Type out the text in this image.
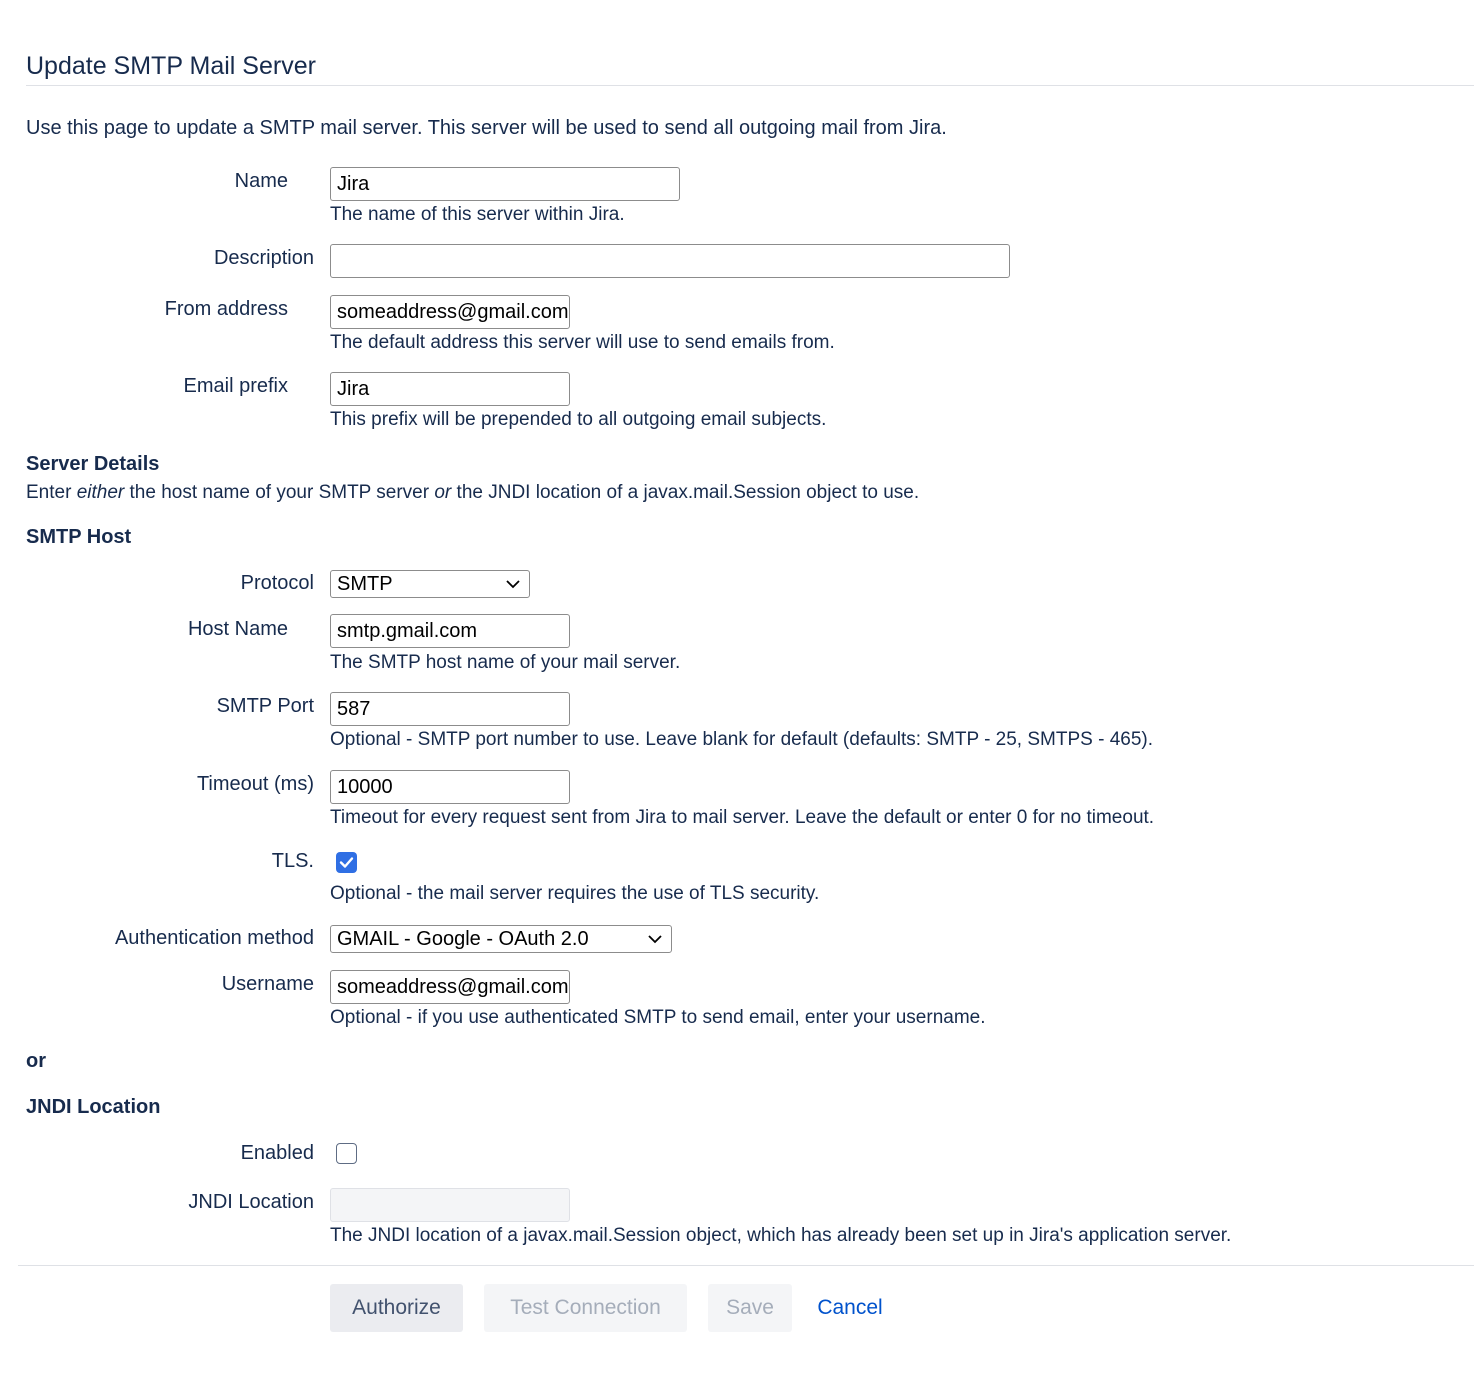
Update SMTP Mail Server
Use this page to update a SMTP mail server. This server will be used to send all outgoing mail from Jira.
Name	Jira
The name of this server within Jira.
Description
From address	someaddress@gmail.com
The default address this server will use to send emails from.
Email prefix	Jira
This prefix will be prepended to all outgoing email subjects.
Server Details
Enter either the host name of your SMTP server or the JNDI location of a javax.mail.Session object to use.
SMTP Host
Protocol	SMTP
Host Name	smtp.gmail.com
The SMTP host name of your mail server.
SMTP Port	587
Optional - SMTP port number to use. Leave blank for default (defaults: SMTP - 25, SMTPS - 465).
Timeout (ms)	10000
Timeout for every request sent from Jira to mail server. Leave the default or enter 0 for no timeout.
TLS.
Optional - the mail server requires the use of TLS security.
Authentication method	GMAIL - Google - OAuth 2.0
Username	someaddress@gmail.com
Optional - if you use authenticated SMTP to send email, enter your username.
or
JNDI Location
Enabled
JNDI Location
The JNDI location of a javax.mail.Session object, which has already been set up in Jira's application server.
Authorize	Test Connection	Save	Cancel
